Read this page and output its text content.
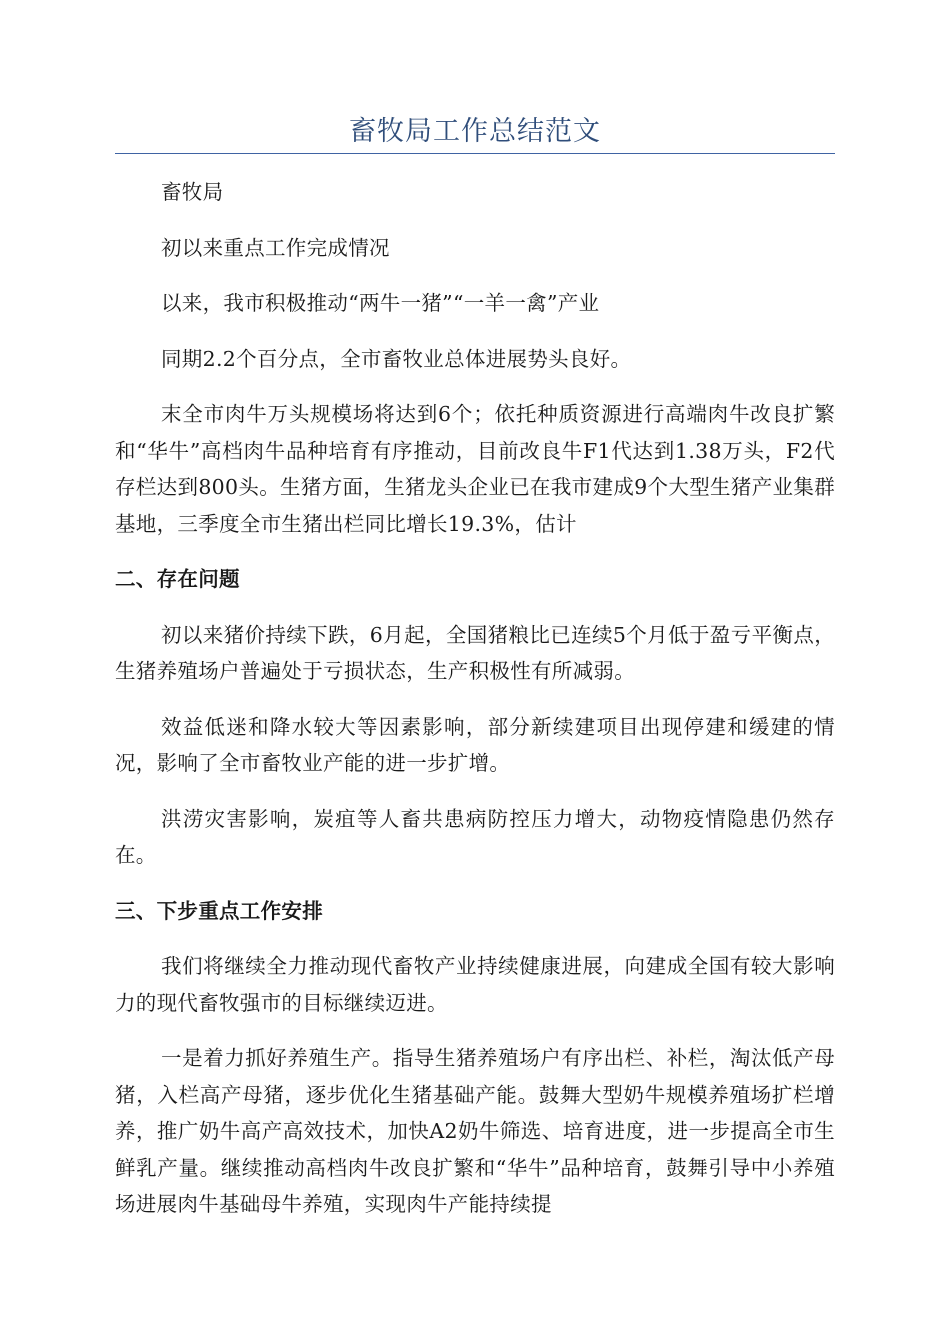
畜牧局工作总结范文

畜牧局

初以来重点工作完成情况

以来，我市积极推动“两牛一猪”“一羊一禽”产业

同期2.2个百分点，全市畜牧业总体进展势头良好。

末全市肉牛万头规模场将达到6个；依托种质资源进行高端肉牛改良扩繁和“华牛”高档肉牛品种培育有序推动，目前改良牛F1代达到1.38万头，F2代存栏达到800头。生猪方面，生猪龙头企业已在我市建成9个大型生猪产业集群基地，三季度全市生猪出栏同比增长19.3%，估计

二、存在问题

初以来猪价持续下跌，6月起，全国猪粮比已连续5个月低于盈亏平衡点，生猪养殖场户普遍处于亏损状态，生产积极性有所减弱。

效益低迷和降水较大等因素影响，部分新续建项目出现停建和缓建的情况，影响了全市畜牧业产能的进一步扩增。

洪涝灾害影响，炭疽等人畜共患病防控压力增大，动物疫情隐患仍然存在。

三、下步重点工作安排

我们将继续全力推动现代畜牧产业持续健康进展，向建成全国有较大影响力的现代畜牧强市的目标继续迈进。

一是着力抓好养殖生产。指导生猪养殖场户有序出栏、补栏，淘汰低产母猪，入栏高产母猪，逐步优化生猪基础产能。鼓舞大型奶牛规模养殖场扩栏增养，推广奶牛高产高效技术，加快A2奶牛筛选、培育进度，进一步提高全市生鲜乳产量。继续推动高档肉牛改良扩繁和“华牛”品种培育，鼓舞引导中小养殖场进展肉牛基础母牛养殖，实现肉牛产能持续提
